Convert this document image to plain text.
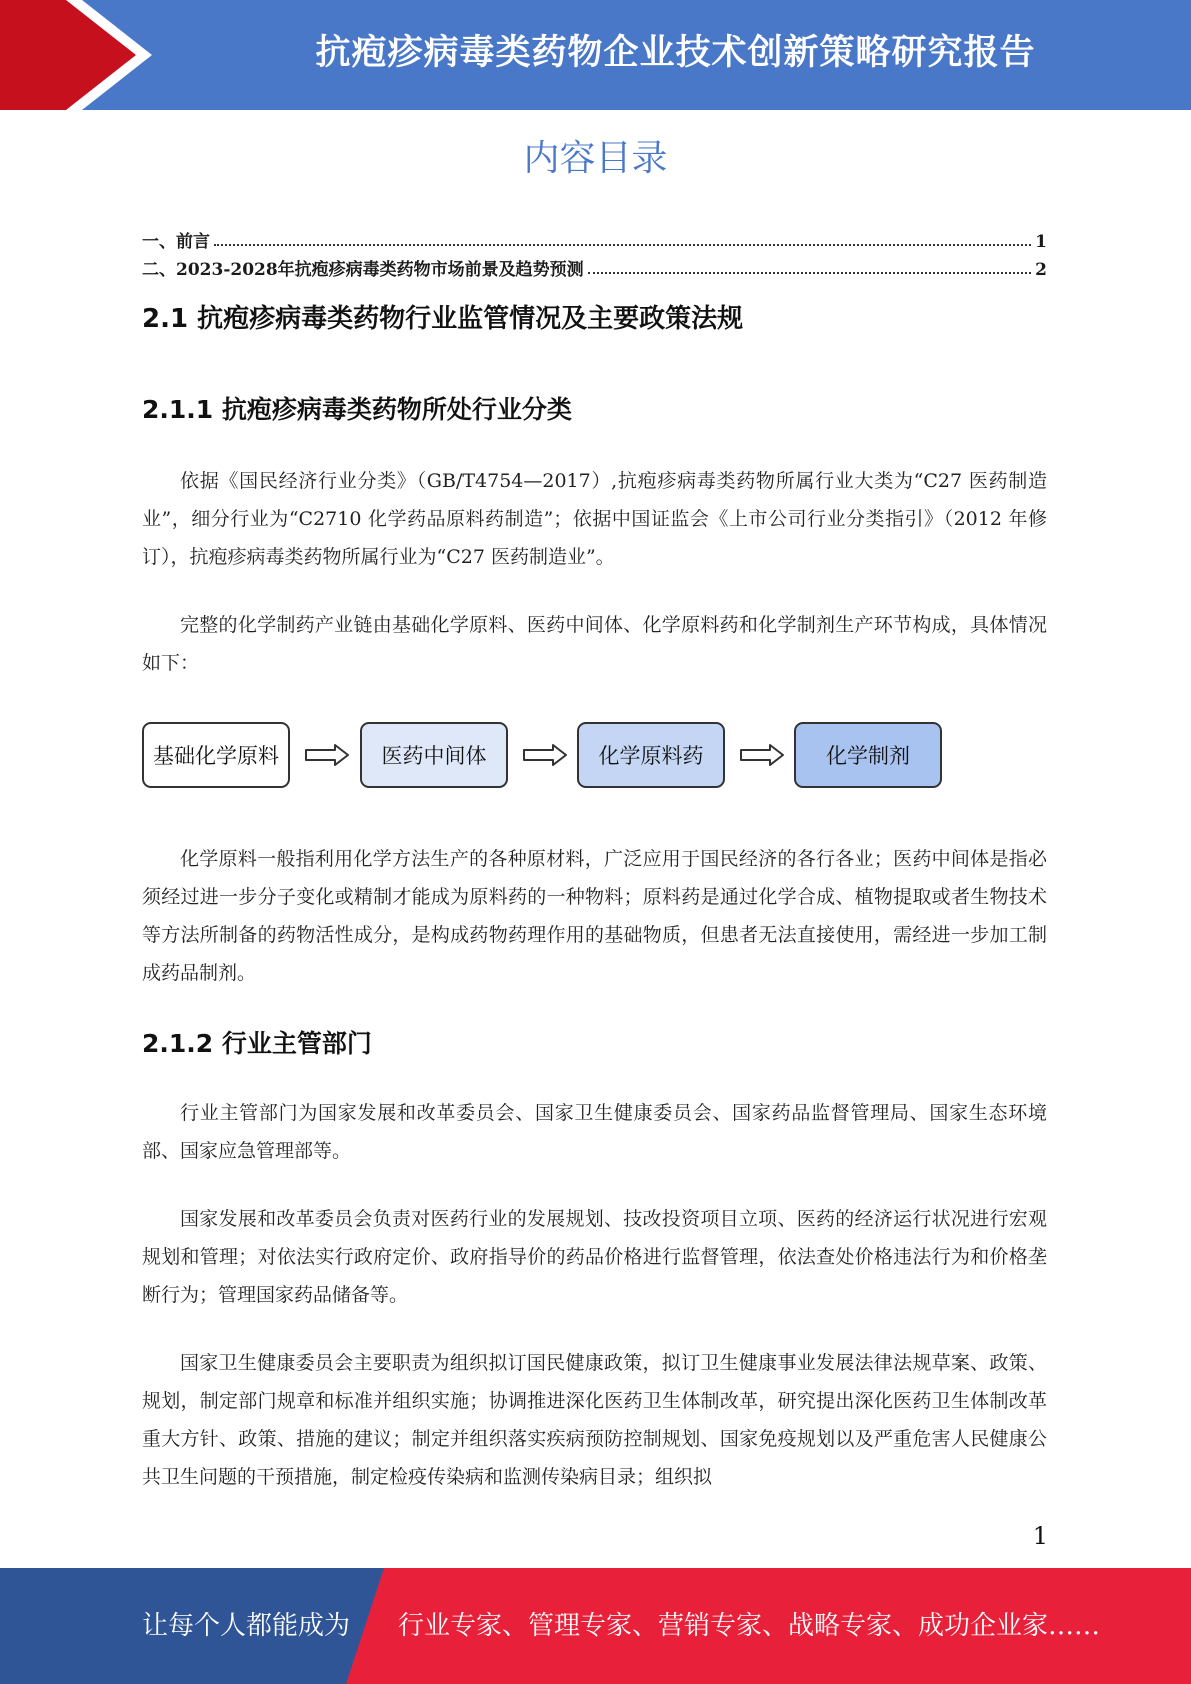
抗疱疹病毒类药物企业技术创新策略研究报告
内容目录
一、前言	1
二、2023-2028年抗疱疹病毒类药物市场前景及趋势预测	2
2.1 抗疱疹病毒类药物行业监管情况及主要政策法规
2.1.1 抗疱疹病毒类药物所处行业分类
依据《国民经济行业分类》（GB/T4754—2017）,抗疱疹病毒类药物所属行业大类为“C27 医药制造业”，细分行业为“C2710 化学药品原料药制造”；依据中国证监会《上市公司行业分类指引》（2012 年修订），抗疱疹病毒类药物所属行业为“C27 医药制造业”。
完整的化学制药产业链由基础化学原料、医药中间体、化学原料药和化学制剂生产环节构成，具体情况如下：
基础化学原料	医药中间体	化学原料药	化学制剂
化学原料一般指利用化学方法生产的各种原材料，广泛应用于国民经济的各行各业；医药中间体是指必须经过进一步分子变化或精制才能成为原料药的一种物料；原料药是通过化学合成、植物提取或者生物技术等方法所制备的药物活性成分，是构成药物药理作用的基础物质，但患者无法直接使用，需经进一步加工制成药品制剂。
2.1.2 行业主管部门
行业主管部门为国家发展和改革委员会、国家卫生健康委员会、国家药品监督管理局、国家生态环境部、国家应急管理部等。
国家发展和改革委员会负责对医药行业的发展规划、技改投资项目立项、医药的经济运行状况进行宏观规划和管理；对依法实行政府定价、政府指导价的药品价格进行监督管理，依法查处价格违法行为和价格垄断行为；管理国家药品储备等。
国家卫生健康委员会主要职责为组织拟订国民健康政策，拟订卫生健康事业发展法律法规草案、政策、规划，制定部门规章和标准并组织实施；协调推进深化医药卫生体制改革，研究提出深化医药卫生体制改革重大方针、政策、措施的建议；制定并组织落实疾病预防控制规划、国家免疫规划以及严重危害人民健康公共卫生问题的干预措施，制定检疫传染病和监测传染病目录；组织拟
1
让每个人都能成为 行业专家、管理专家、营销专家、战略专家、成功企业家……
